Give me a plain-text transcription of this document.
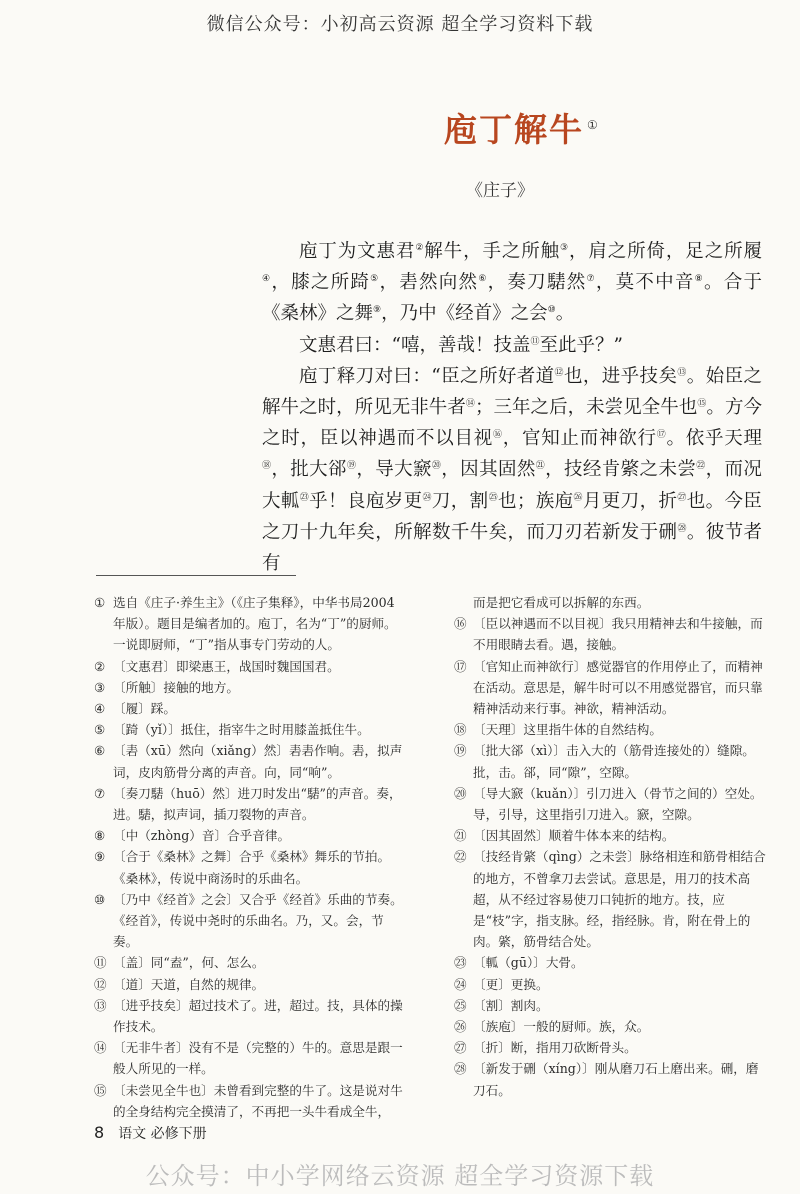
微信公众号：小初高云资源 超全学习资料下载
庖丁解牛 ①
《庄子》

庖丁为文惠君②解牛，手之所触③，肩之所倚，足之所履④，膝之所踦⑤，砉然向然⑥，奏刀騞然⑦，莫不中音⑧。合于《桑林》之舞⑨，乃中《经首》之会⑩。

文惠君曰：“嘻，善哉！技盖⑪至此乎？”

庖丁释刀对曰：“臣之所好者道⑫也，进乎技矣⑬。始臣之解牛之时，所见无非牛者⑭；三年之后，未尝见全牛也⑮。方今之时，臣以神遇而不以目视⑯，官知止而神欲行⑰。依乎天理⑱，批大郤⑲，导大窾⑳，因其固然$^㉑$，技经肯綮之未尝$^㉒$，而况大軱$^㉓$乎！良庖岁更$^㉔$刀，割$^㉕$也；族庖$^㉖$月更刀，折$^㉗$也。今臣之刀十九年矣，所解数千牛矣，而刀刃若新发于硎$^㉘$。彼节者有

① 选自《庄子·养生主》（《庄子集释》，中华书局2004年版）。题目是编者加的。庖丁，名为“丁”的厨师。一说即厨师，“丁”指从事专门劳动的人。
② 〔文惠君〕即梁惠王，战国时魏国国君。
③ 〔所触〕接触的地方。
④ 〔履〕踩。
⑤ 〔踦（yǐ）〕抵住，指宰牛之时用膝盖抵住牛。
⑥ 〔砉（xū）然向（xiǎng）然〕砉砉作响。砉，拟声词，皮肉筋骨分离的声音。向，同“响”。
⑦ 〔奏刀騞（huō）然〕进刀时发出“騞”的声音。奏，进。騞，拟声词，插刀裂物的声音。
⑧ 〔中（zhòng）音〕合乎音律。
⑨ 〔合于《桑林》之舞〕合乎《桑林》舞乐的节拍。《桑林》，传说中商汤时的乐曲名。
⑩ 〔乃中《经首》之会〕又合乎《经首》乐曲的节奏。《经首》，传说中尧时的乐曲名。乃，又。会，节奏。
⑪ 〔盖〕同“盍”，何、怎么。
⑫ 〔道〕天道，自然的规律。
⑬ 〔进乎技矣〕超过技术了。进，超过。技，具体的操作技术。
⑭ 〔无非牛者〕没有不是（完整的）牛的。意思是跟一般人所见的一样。
⑮ 〔未尝见全牛也〕未曾看到完整的牛了。这是说对牛的全身结构完全摸清了，不再把一头牛看成全牛，
而是把它看成可以拆解的东西。
⑯ 〔臣以神遇而不以目视〕我只用精神去和牛接触，而不用眼睛去看。遇，接触。
⑰ 〔官知止而神欲行〕感觉器官的作用停止了，而精神在活动。意思是，解牛时可以不用感觉器官，而只靠精神活动来行事。神欲，精神活动。
⑱ 〔天理〕这里指牛体的自然结构。
⑲ 〔批大郤（xì）〕击入大的（筋骨连接处的）缝隙。批，击。郤，同“隙”，空隙。
⑳ 〔导大窾（kuǎn）〕引刀进入（骨节之间的）空处。导，引导，这里指引刀进入。窾，空隙。
㉑ 〔因其固然〕顺着牛体本来的结构。
㉒ 〔技经肯綮（qìng）之未尝〕脉络相连和筋骨相结合的地方，不曾拿刀去尝试。意思是，用刀的技术高超，从不经过容易使刀口钝折的地方。技，应是“枝”字，指支脉。经，指经脉。肯，附在骨上的肉。綮，筋骨结合处。
㉓ 〔軱（gū）〕大骨。
㉔ 〔更〕更换。
㉕ 〔割〕割肉。
㉖ 〔族庖〕一般的厨师。族，众。
㉗ 〔折〕断，指用刀砍断骨头。
㉘ 〔新发于硎（xíng）〕刚从磨刀石上磨出来。硎，磨刀石。
8 语文 必修下册
公众号：中小学网络云资源 超全学习资源下载
